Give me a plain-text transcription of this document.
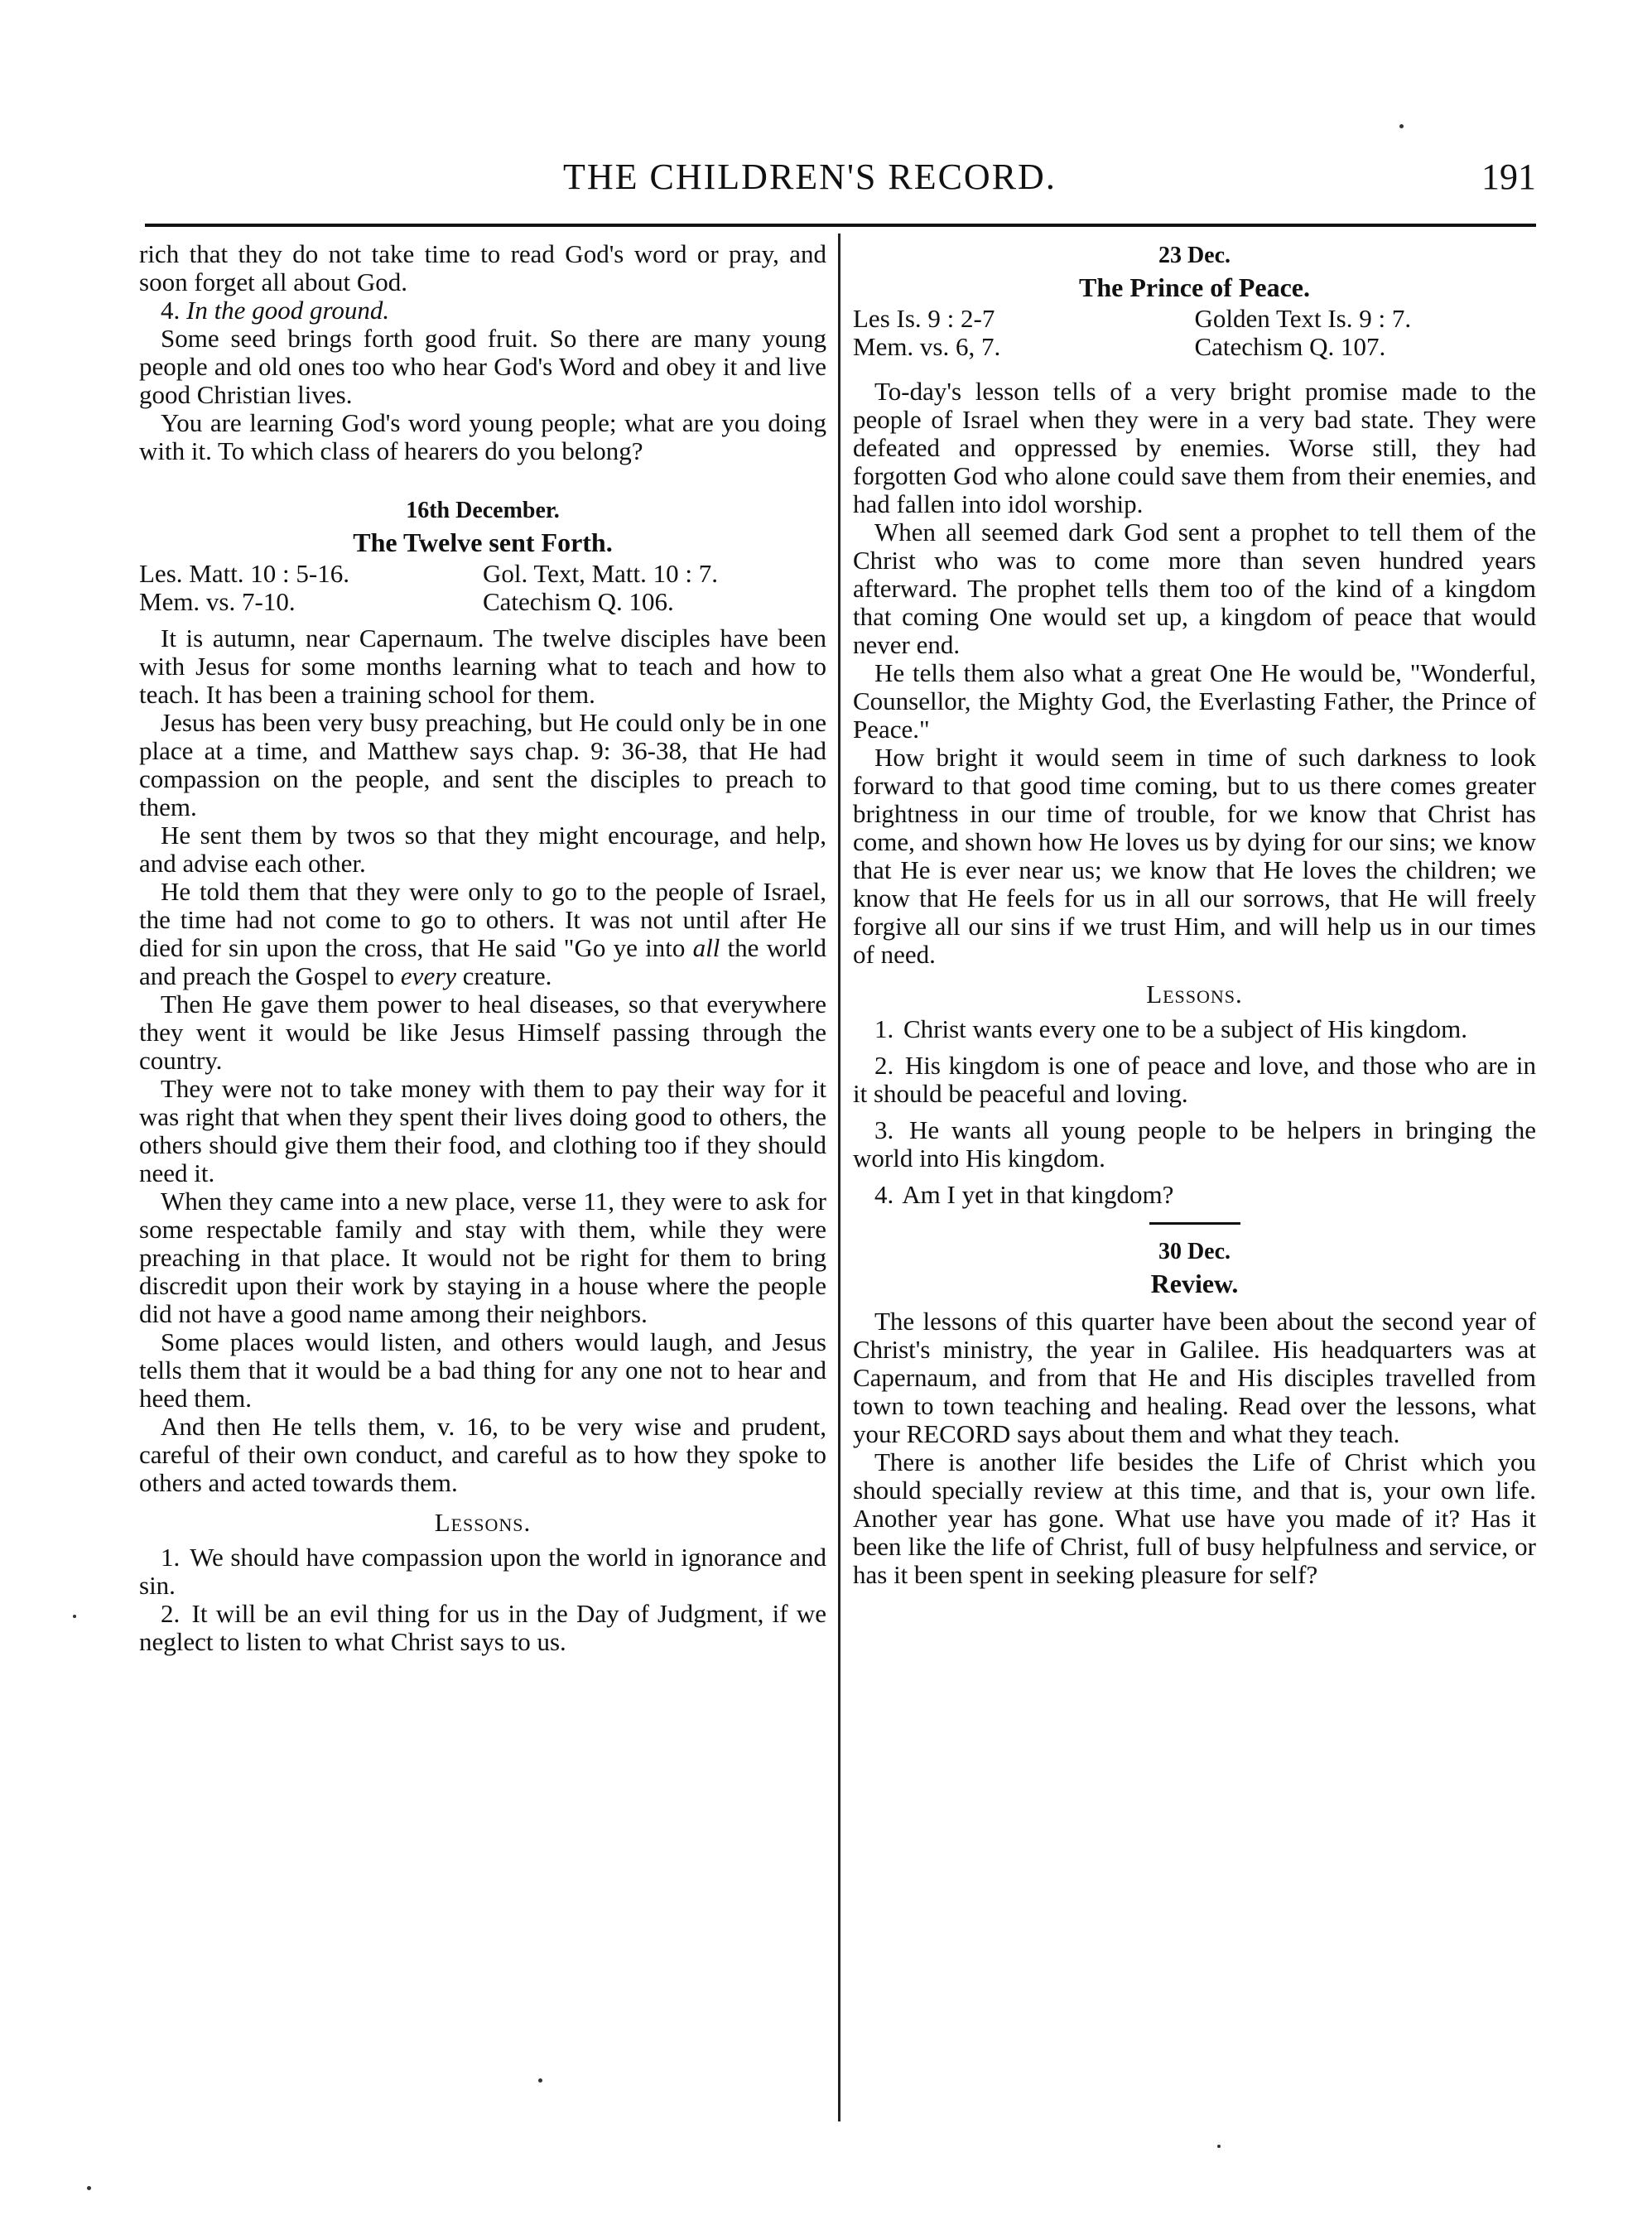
THE CHILDREN'S RECORD.	191

rich that they do not take time to read God's word or pray, and soon forget all about God.

4. In the good ground.

Some seed brings forth good fruit. So there are many young people and old ones too who hear God's Word and obey it and live good Christian lives.

You are learning God's word young people; what are you doing with it. To which class of hearers do you belong?

16th December.
The Twelve sent Forth.
Les. Matt. 10 : 5-16.	Gol. Text, Matt. 10 : 7.
Mem. vs. 7-10.	Catechism Q. 106.

It is autumn, near Capernaum. The twelve disciples have been with Jesus for some months learning what to teach and how to teach. It has been a training school for them.

Jesus has been very busy preaching, but He could only be in one place at a time, and Matthew says chap. 9: 36-38, that He had compassion on the people, and sent the disciples to preach to them.

He sent them by twos so that they might encourage, and help, and advise each other.

He told them that they were only to go to the people of Israel, the time had not come to go to others. It was not until after He died for sin upon the cross, that He said "Go ye into all the world and preach the Gospel to every creature.

Then He gave them power to heal diseases, so that everywhere they went it would be like Jesus Himself passing through the country.

They were not to take money with them to pay their way for it was right that when they spent their lives doing good to others, the others should give them their food, and clothing too if they should need it.

When they came into a new place, verse 11, they were to ask for some respectable family and stay with them, while they were preaching in that place. It would not be right for them to bring discredit upon their work by staying in a house where the people did not have a good name among their neighbors.

Some places would listen, and others would laugh, and Jesus tells them that it would be a bad thing for any one not to hear and heed them.

And then He tells them, v. 16, to be very wise and prudent, careful of their own conduct, and careful as to how they spoke to others and acted towards them.

Lessons.

1. We should have compassion upon the world in ignorance and sin.

2. It will be an evil thing for us in the Day of Judgment, if we neglect to listen to what Christ says to us.

23 Dec.
The Prince of Peace.
Les Is. 9 : 2-7	Golden Text Is. 9 : 7.
Mem. vs. 6, 7.	Catechism Q. 107.

To-day's lesson tells of a very bright promise made to the people of Israel when they were in a very bad state. They were defeated and oppressed by enemies. Worse still, they had forgotten God who alone could save them from their enemies, and had fallen into idol worship.

When all seemed dark God sent a prophet to tell them of the Christ who was to come more than seven hundred years afterward. The prophet tells them too of the kind of a kingdom that coming One would set up, a kingdom of peace that would never end.

He tells them also what a great One He would be, "Wonderful, Counsellor, the Mighty God, the Everlasting Father, the Prince of Peace."

How bright it would seem in time of such darkness to look forward to that good time coming, but to us there comes greater brightness in our time of trouble, for we know that Christ has come, and shown how He loves us by dying for our sins; we know that He is ever near us; we know that He loves the children; we know that He feels for us in all our sorrows, that He will freely forgive all our sins if we trust Him, and will help us in our times of need.

Lessons.

1. Christ wants every one to be a subject of His kingdom.

2. His kingdom is one of peace and love, and those who are in it should be peaceful and loving.

3. He wants all young people to be helpers in bringing the world into His kingdom.

4. Am I yet in that kingdom?

30 Dec.
Review.

The lessons of this quarter have been about the second year of Christ's ministry, the year in Galilee. His headquarters was at Capernaum, and from that He and His disciples travelled from town to town teaching and healing. Read over the lessons, what your RECORD says about them and what they teach.

There is another life besides the Life of Christ which you should specially review at this time, and that is, your own life. Another year has gone. What use have you made of it? Has it been like the life of Christ, full of busy helpfulness and service, or has it been spent in seeking pleasure for self?
